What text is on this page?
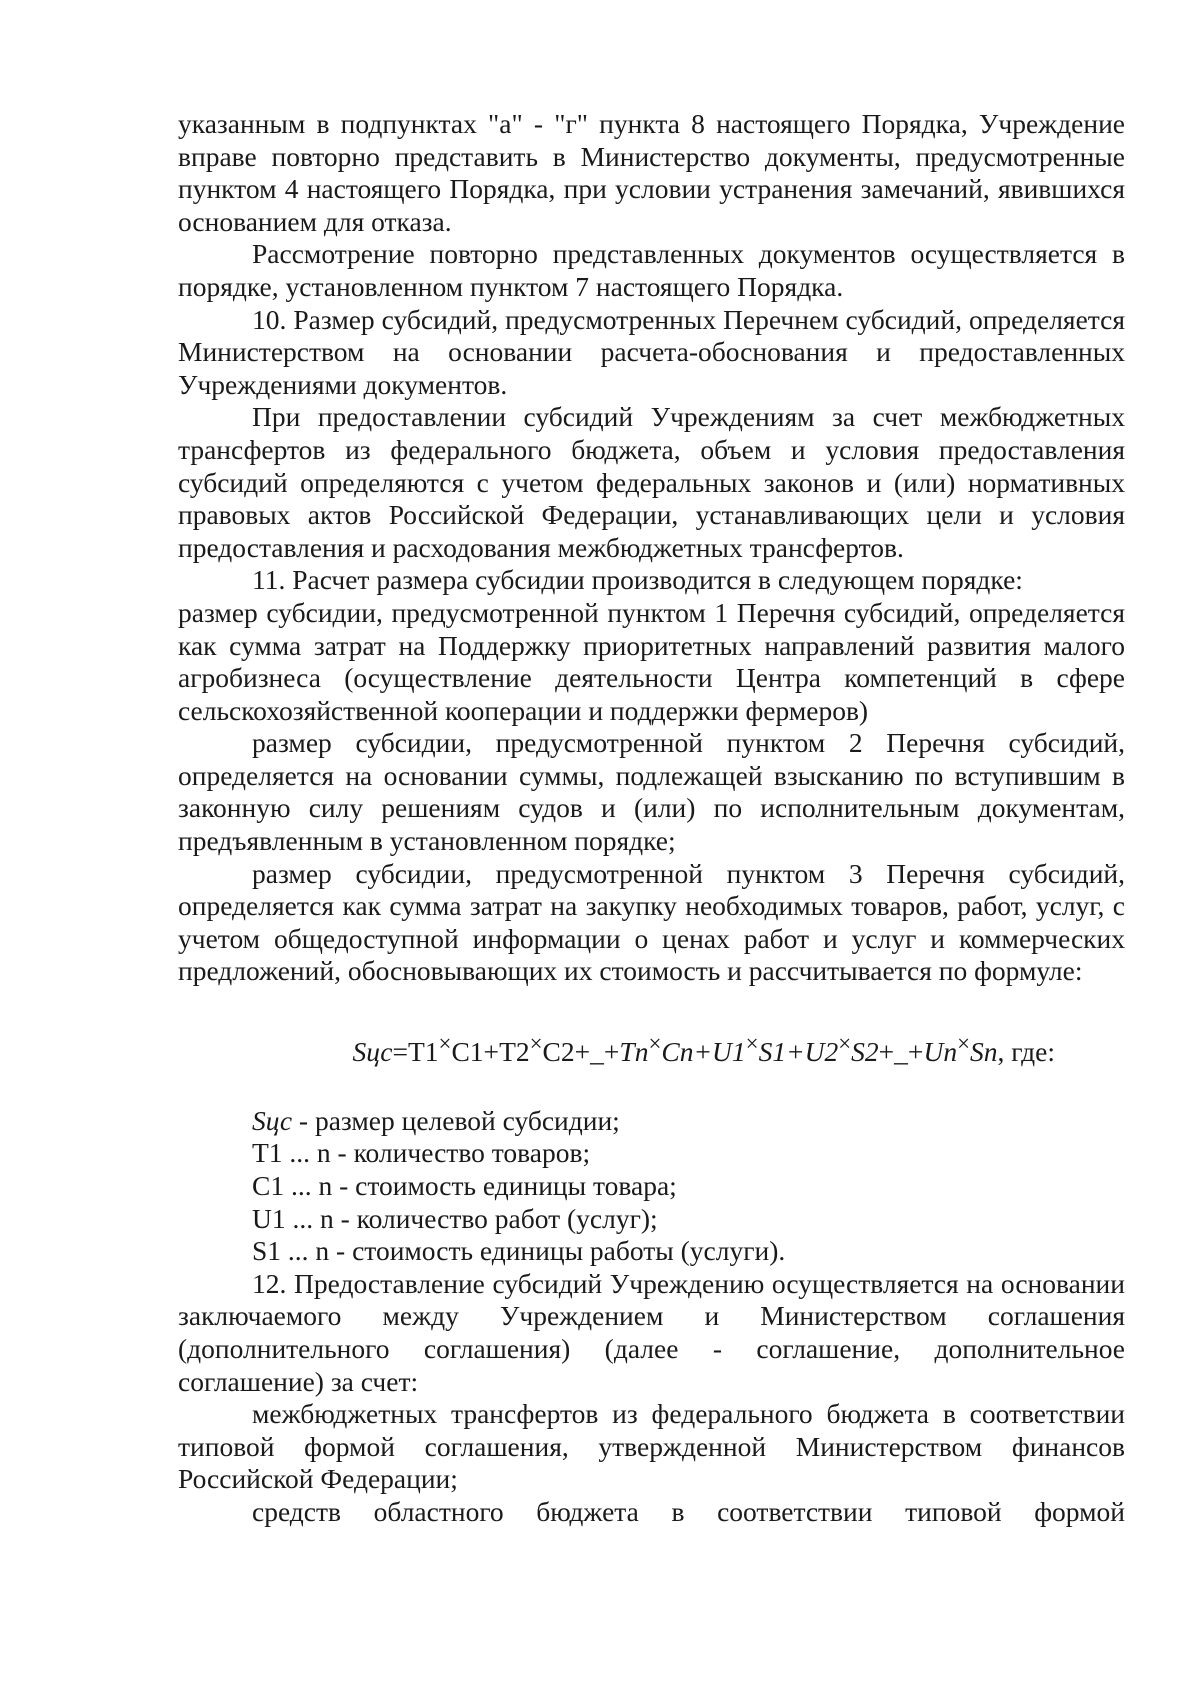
указанным в подпунктах "а" - "г" пункта 8 настоящего Порядка, Учреждение вправе повторно представить в Министерство документы, предусмотренные пунктом 4 настоящего Порядка, при условии устранения замечаний, явившихся основанием для отказа.

Рассмотрение повторно представленных документов осуществляется в порядке, установленном пунктом 7 настоящего Порядка.

10. Размер субсидий, предусмотренных Перечнем субсидий, определяется Министерством на основании расчета-обоснования и предоставленных Учреждениями документов.

При предоставлении субсидий Учреждениям за счет межбюджетных трансфертов из федерального бюджета, объем и условия предоставления субсидий определяются с учетом федеральных законов и (или) нормативных правовых актов Российской Федерации, устанавливающих цели и условия предоставления и расходования межбюджетных трансфертов.

11. Расчет размера субсидии производится в следующем порядке:

размер субсидии, предусмотренной пунктом 1 Перечня субсидий, определяется как сумма затрат на Поддержку приоритетных направлений развития малого агробизнеса (осуществление деятельности Центра компетенций в сфере сельскохозяйственной кооперации и поддержки фермеров)

размер субсидии, предусмотренной пунктом 2 Перечня субсидий, определяется на основании суммы, подлежащей взысканию по вступившим в законную силу решениям судов и (или) по исполнительным документам, предъявленным в установленном порядке;

размер субсидии, предусмотренной пунктом 3 Перечня субсидий, определяется как сумма затрат на закупку необходимых товаров, работ, услуг, с учетом общедоступной информации о ценах работ и услуг и коммерческих предложений, обосновывающих их стоимость и рассчитывается по формуле:

Sцс=T1×C1+T2×C2+_+Tn×Cn+U1×S1+U2×S2+_+Un×Sn, где:

Sцс - размер целевой субсидии;

T1 ... n - количество товаров;

C1 ... n - стоимость единицы товара;

U1 ... n - количество работ (услуг);

S1 ... n - стоимость единицы работы (услуги).

12. Предоставление субсидий Учреждению осуществляется на основании заключаемого между Учреждением и Министерством соглашения (дополнительного соглашения) (далее - соглашение, дополнительное соглашение) за счет:

межбюджетных трансфертов из федерального бюджета в соответствии типовой формой соглашения, утвержденной Министерством финансов Российской Федерации;

средств областного бюджета в соответствии типовой формой
